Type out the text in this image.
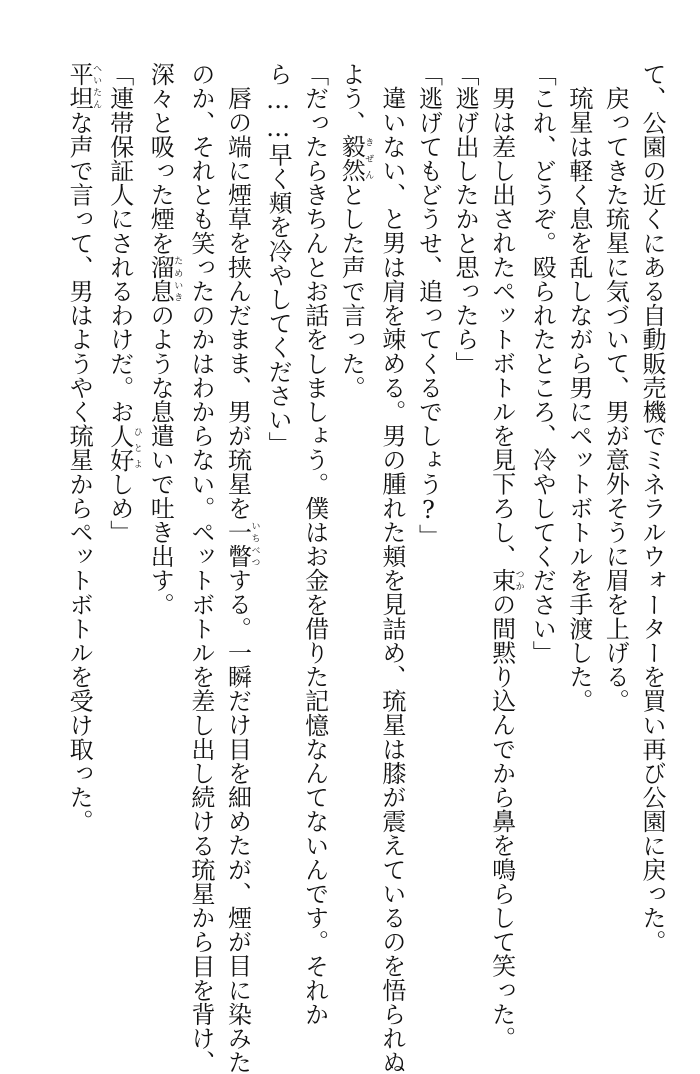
て、公園の近くにある自動販売機でミネラルウォーターを買い再び公園に戻った。
戻ってきた琉星に気づいて、男が意外そうに眉を上げる。
琉星は軽く息を乱しながら男にペットボトルを手渡した。
「これ、どうぞ。殴られたところ、冷やしてください」
男は差し出されたペットボトルを見下ろし、束つかの間黙り込んでから鼻を鳴らして笑った。
「逃げ出したかと思ったら」
「逃げてもどうせ、追ってくるでしょう?」
違いない、と男は肩を竦める。男の腫れた頬を見詰め、琉星は膝が震えているのを悟られぬ
よう、毅然きぜんとした声で言った。
「だったらきちんとお話をしましょう。僕はお金を借りた記憶なんてないんです。それか
ら……早く頬を冷やしてください」
唇の端に煙草を挟んだまま、男が琉星を一瞥いちべつする。一瞬だけ目を細めたが、煙が目に染みた
のか、それとも笑ったのかはわからない。ペットボトルを差し出し続ける琉星から目を背け、
深々と吸った煙を溜息ためいきのような息遣いで吐き出す。
「連帯保証人にされるわけだ。お人好ひとよしめ」
平坦へいたんな声で言って、男はようやく琉星からペットボトルを受け取った。
